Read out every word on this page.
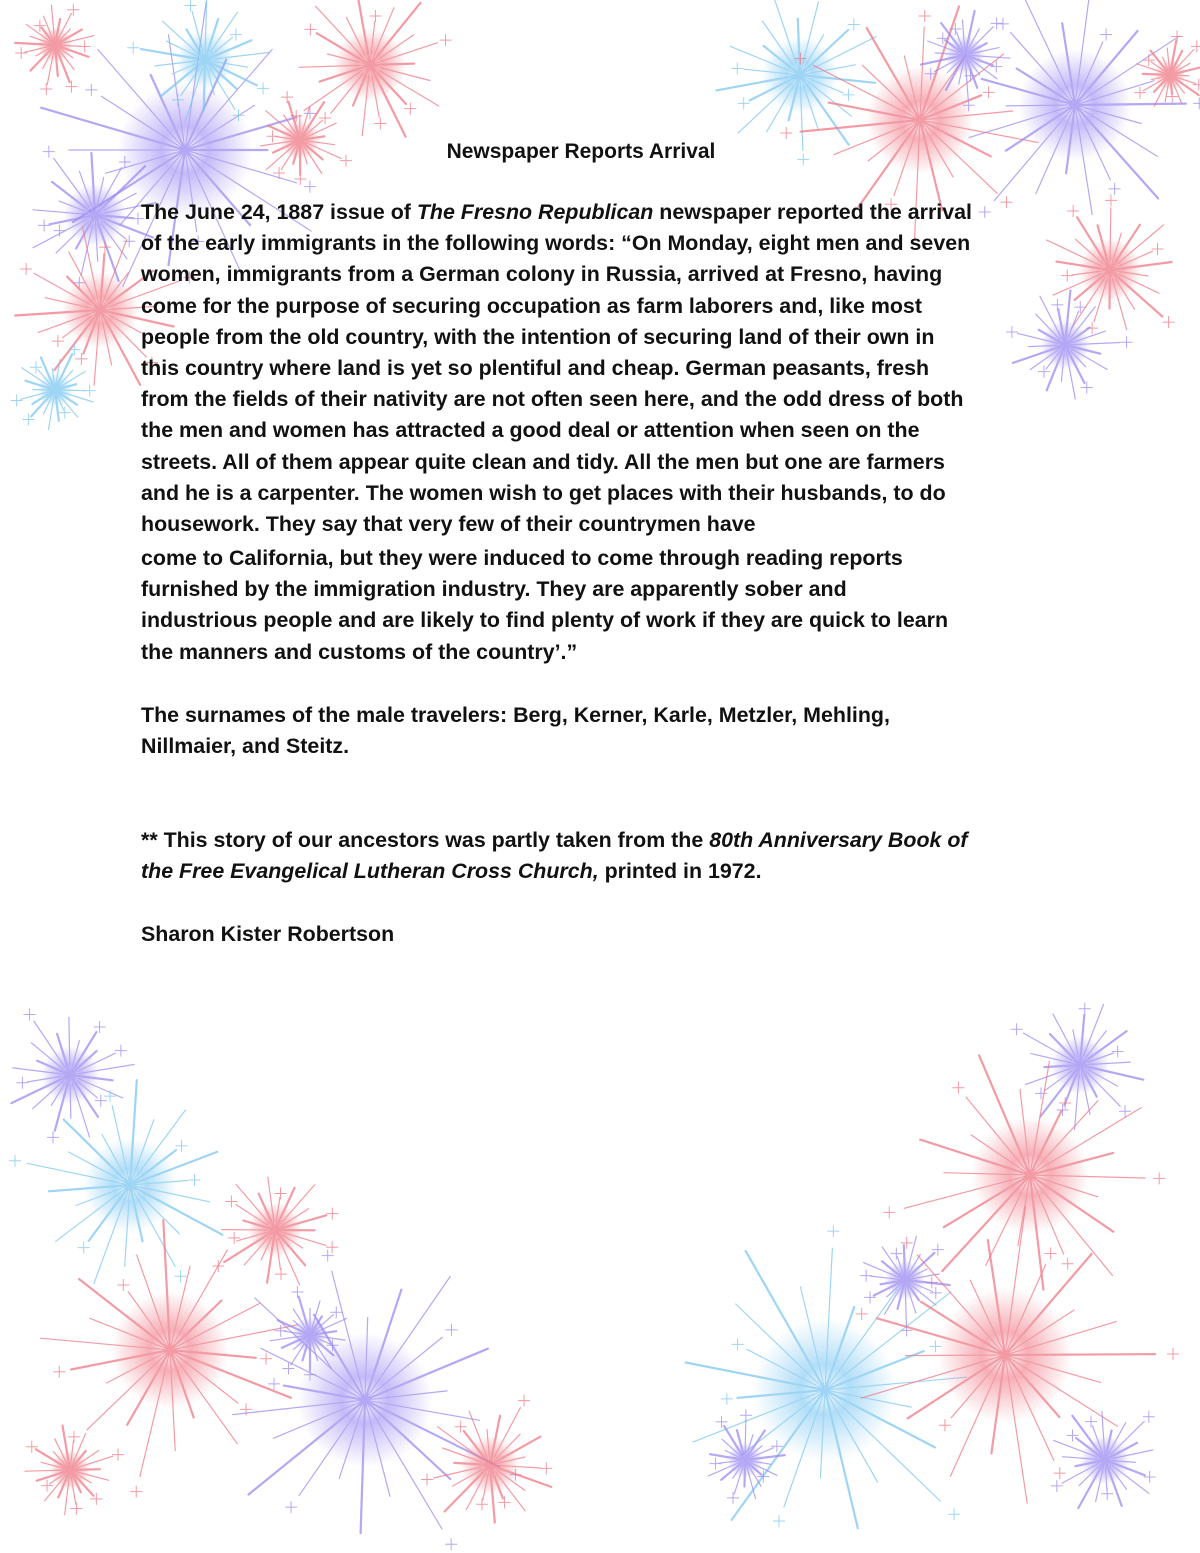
Newspaper Reports Arrival

The June 24, 1887 issue of The Fresno Republican newspaper reported the arrival
of the early immigrants in the following words: “On Monday, eight men and seven
women, immigrants from a German colony in Russia, arrived at Fresno, having
come for the purpose of securing occupation as farm laborers and, like most
people from the old country, with the intention of securing land of their own in
this country where land is yet so plentiful and cheap. German peasants, fresh
from the fields of their nativity are not often seen here, and the odd dress of both
the men and women has attracted a good deal or attention when seen on the
streets. All of them appear quite clean and tidy. All the men but one are farmers
and he is a carpenter. The women wish to get places with their husbands, to do
housework. They say that very few of their countrymen have

come to California, but they were induced to come through reading reports
furnished by the immigration industry. They are apparently sober and
industrious people and are likely to find plenty of work if they are quick to learn
the manners and customs of the country’.”

The surnames of the male travelers: Berg, Kerner, Karle, Metzler, Mehling,
Nillmaier, and Steitz.

** This story of our ancestors was partly taken from the 80th Anniversary Book of
the Free Evangelical Lutheran Cross Church, printed in 1972.

Sharon Kister Robertson
